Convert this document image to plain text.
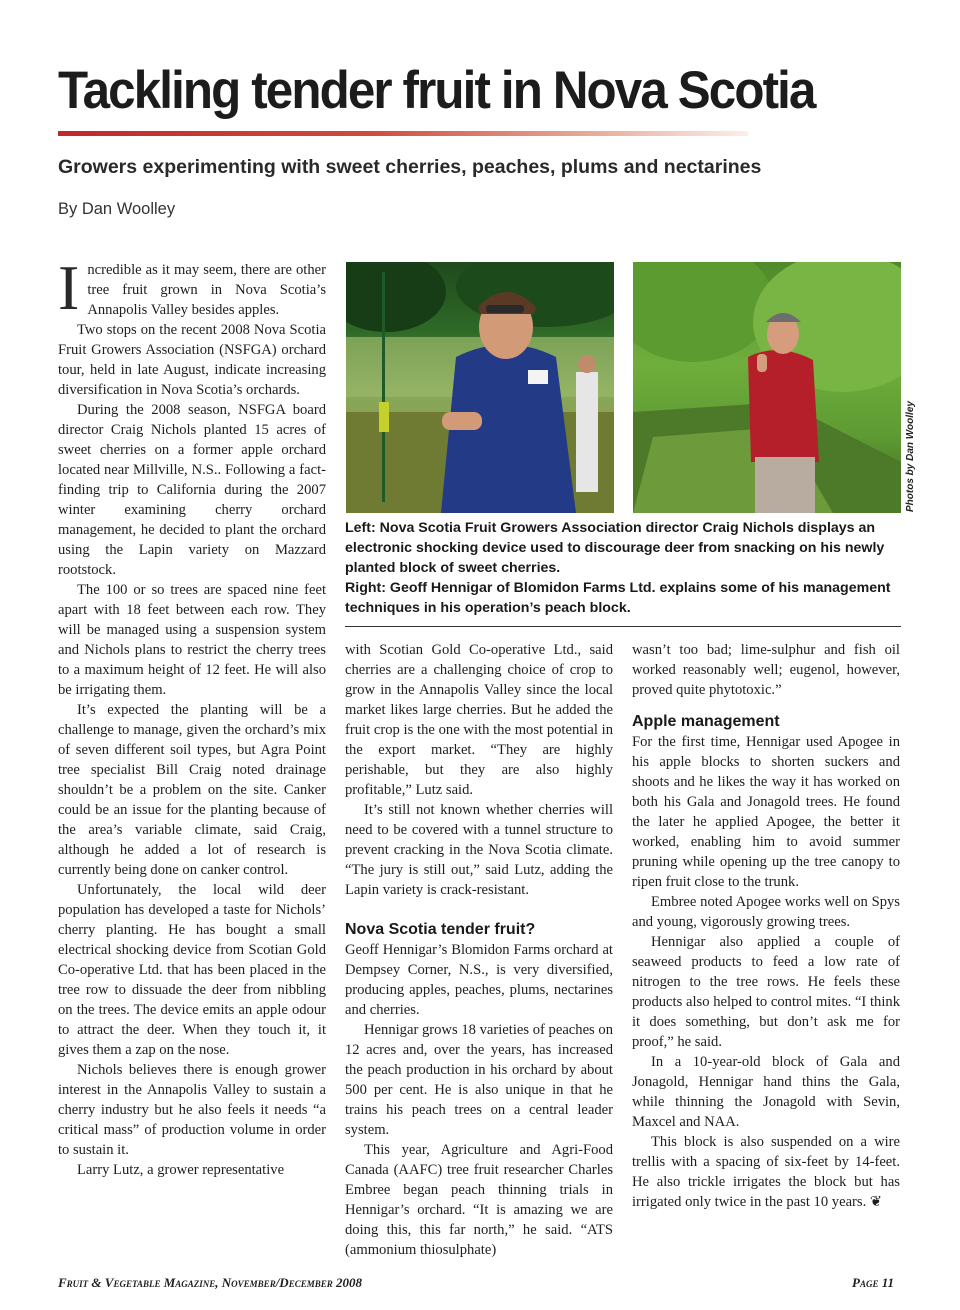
Tackling tender fruit in Nova Scotia
Growers experimenting with sweet cherries, peaches, plums and nectarines
By Dan Woolley

Incredible as it may seem, there are other tree fruit grown in Nova Scotia’s Annapolis Valley besides apples.

Two stops on the recent 2008 Nova Scotia Fruit Growers Association (NSFGA) orchard tour, held in late August, indicate increasing diversification in Nova Scotia’s orchards.

During the 2008 season, NSFGA board director Craig Nichols planted 15 acres of sweet cherries on a former apple orchard located near Millville, N.S.. Following a fact-finding trip to California during the 2007 winter examining cherry orchard management, he decided to plant the orchard using the Lapin variety on Mazzard rootstock.

The 100 or so trees are spaced nine feet apart with 18 feet between each row. They will be managed using a suspension system and Nichols plans to restrict the cherry trees to a maximum height of 12 feet. He will also be irrigating them.

It’s expected the planting will be a challenge to manage, given the orchard’s mix of seven different soil types, but Agra Point tree specialist Bill Craig noted drainage shouldn’t be a problem on the site. Canker could be an issue for the planting because of the area’s variable climate, said Craig, although he added a lot of research is currently being done on canker control.

Unfortunately, the local wild deer population has developed a taste for Nichols’ cherry planting. He has bought a small electrical shocking device from Scotian Gold Co-operative Ltd. that has been placed in the tree row to dissuade the deer from nibbling on the trees. The device emits an apple odour to attract the deer. When they touch it, it gives them a zap on the nose.

Nichols believes there is enough grower interest in the Annapolis Valley to sustain a cherry industry but he also feels it needs “a critical mass” of production volume in order to sustain it.

Larry Lutz, a grower representative

Photos by Dan Woolley

Left: Nova Scotia Fruit Growers Association director Craig Nichols displays an electronic shocking device used to discourage deer from snacking on his newly planted block of sweet cherries.

Right: Geoff Hennigar of Blomidon Farms Ltd. explains some of his management techniques in his operation’s peach block.

with Scotian Gold Co-operative Ltd., said cherries are a challenging choice of crop to grow in the Annapolis Valley since the local market likes large cherries. But he added the fruit crop is the one with the most potential in the export market. “They are highly perishable, but they are also highly profitable,” Lutz said.

It’s still not known whether cherries will need to be covered with a tunnel structure to prevent cracking in the Nova Scotia climate. “The jury is still out,” said Lutz, adding the Lapin variety is crack-resistant.

Nova Scotia tender fruit?

Geoff Hennigar’s Blomidon Farms orchard at Dempsey Corner, N.S., is very diversified, producing apples, peaches, plums, nectarines and cherries.

Hennigar grows 18 varieties of peaches on 12 acres and, over the years, has increased the peach production in his orchard by about 500 per cent. He is also unique in that he trains his peach trees on a central leader system.

This year, Agriculture and Agri-Food Canada (AAFC) tree fruit researcher Charles Embree began peach thinning trials in Hennigar’s orchard. “It is amazing we are doing this, this far north,” he said. “ATS (ammonium thiosulphate)

wasn’t too bad; lime-sulphur and fish oil worked reasonably well; eugenol, however, proved quite phytotoxic.”

Apple management

For the first time, Hennigar used Apogee in his apple blocks to shorten suckers and shoots and he likes the way it has worked on both his Gala and Jonagold trees. He found the later he applied Apogee, the better it worked, enabling him to avoid summer pruning while opening up the tree canopy to ripen fruit close to the trunk.

Embree noted Apogee works well on Spys and young, vigorously growing trees.

Hennigar also applied a couple of seaweed products to feed a low rate of nitrogen to the tree rows. He feels these products also helped to control mites. “I think it does something, but don’t ask me for proof,” he said.

In a 10-year-old block of Gala and Jonagold, Hennigar hand thins the Gala, while thinning the Jonagold with Sevin, Maxcel and NAA.

This block is also suspended on a wire trellis with a spacing of six-feet by 14-feet. He also trickle irrigates the block but has irrigated only twice in the past 10 years. ❦

Fruit & Vegetable Magazine, November/December 2008	Page 11
